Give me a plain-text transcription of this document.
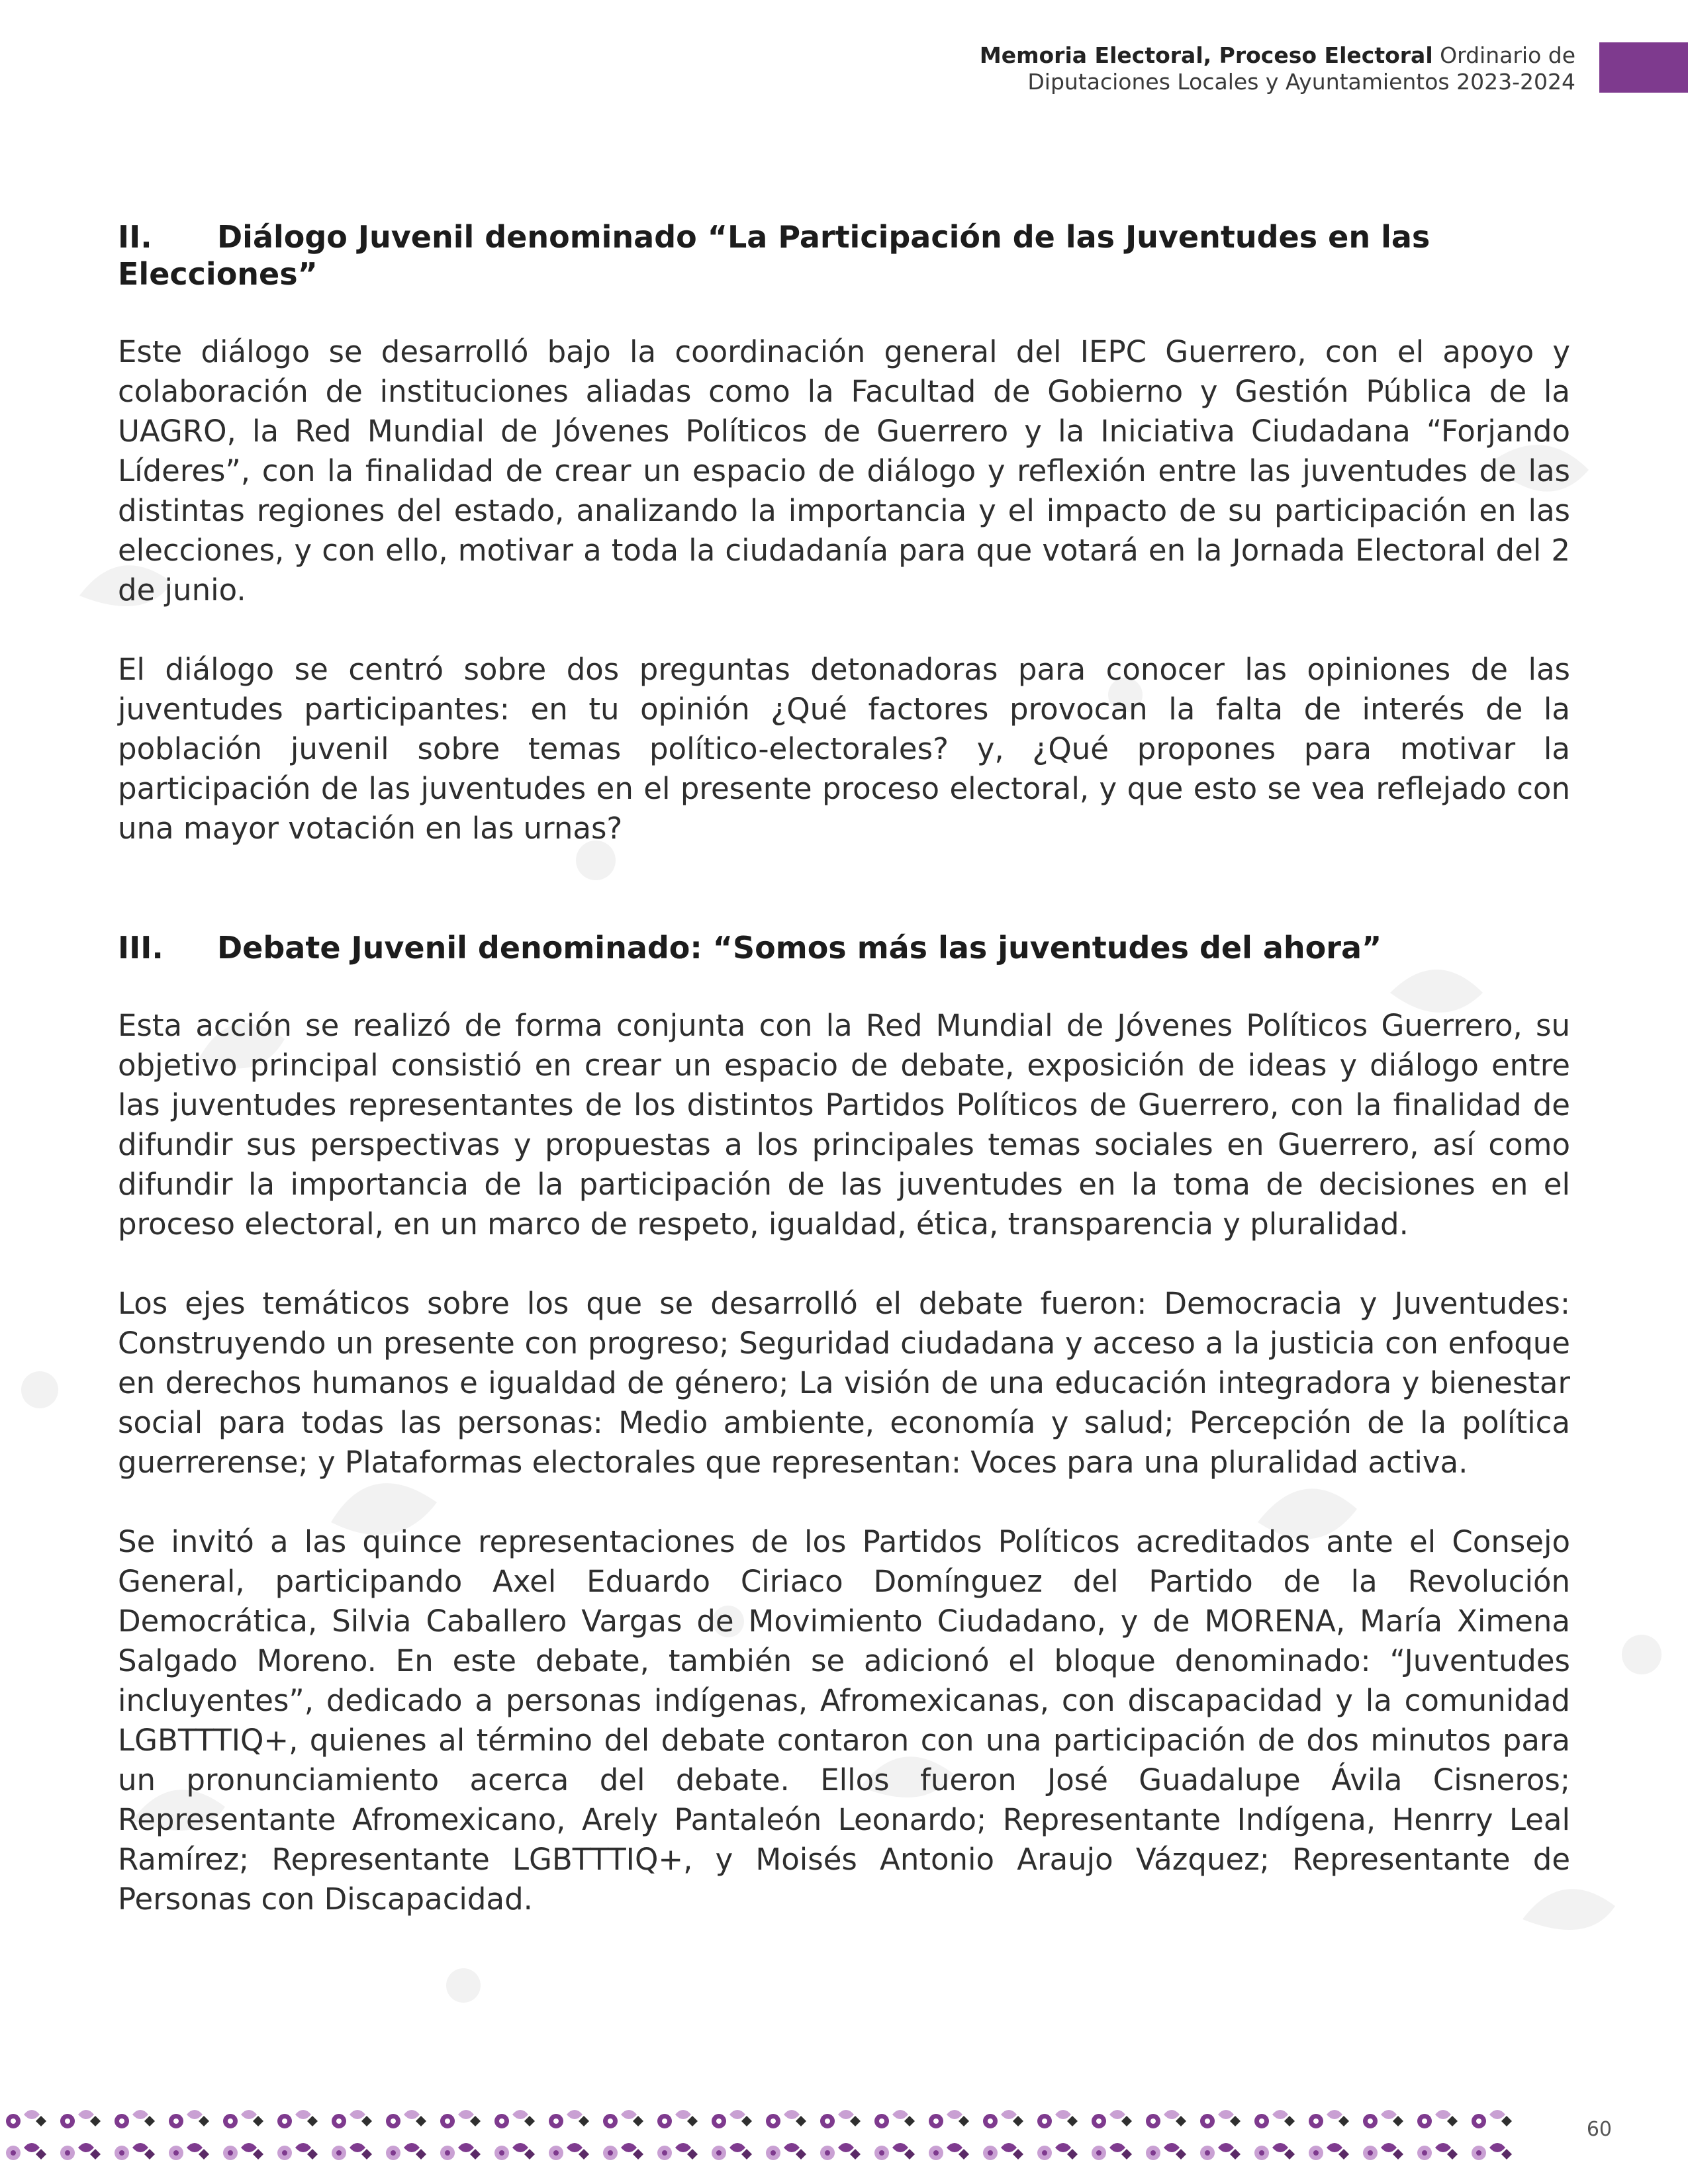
Memoria Electoral, Proceso Electoral Ordinario de
Diputaciones Locales y Ayuntamientos 2023-2024
II. Diálogo Juvenil denominado “La Participación de las Juventudes en las Elecciones”

Este diálogo se desarrolló bajo la coordinación general del IEPC Guerrero, con el apoyo y colaboración de instituciones aliadas como la Facultad de Gobierno y Gestión Pública de la UAGRO, la Red Mundial de Jóvenes Políticos de Guerrero y la Iniciativa Ciudadana “Forjando Líderes”, con la finalidad de crear un espacio de diálogo y reflexión entre las juventudes de las distintas regiones del estado, analizando la importancia y el impacto de su participación en las elecciones, y con ello, motivar a toda la ciudadanía para que votará en la Jornada Electoral del 2 de junio.

El diálogo se centró sobre dos preguntas detonadoras para conocer las opiniones de las juventudes participantes: en tu opinión ¿Qué factores provocan la falta de interés de la población juvenil sobre temas político-electorales? y, ¿Qué propones para motivar la participación de las juventudes en el presente proceso electoral, y que esto se vea reflejado con una mayor votación en las urnas?

III. Debate Juvenil denominado: “Somos más las juventudes del ahora”

Esta acción se realizó de forma conjunta con la Red Mundial de Jóvenes Políticos Guerrero, su objetivo principal consistió en crear un espacio de debate, exposición de ideas y diálogo entre las juventudes representantes de los distintos Partidos Políticos de Guerrero, con la finalidad de difundir sus perspectivas y propuestas a los principales temas sociales en Guerrero, así como difundir la importancia de la participación de las juventudes en la toma de decisiones en el proceso electoral, en un marco de respeto, igualdad, ética, transparencia y pluralidad.

Los ejes temáticos sobre los que se desarrolló el debate fueron: Democracia y Juventudes: Construyendo un presente con progreso; Seguridad ciudadana y acceso a la justicia con enfoque en derechos humanos e igualdad de género; La visión de una educación integradora y bienestar social para todas las personas: Medio ambiente, economía y salud; Percepción de la política guerrerense; y Plataformas electorales que representan: Voces para una pluralidad activa.

Se invitó a las quince representaciones de los Partidos Políticos acreditados ante el Consejo General, participando Axel Eduardo Ciriaco Domínguez del Partido de la Revolución Democrática, Silvia Caballero Vargas de Movimiento Ciudadano, y de MORENA, María Ximena Salgado Moreno. En este debate, también se adicionó el bloque denominado: “Juventudes incluyentes”, dedicado a personas indígenas, Afromexicanas, con discapacidad y la comunidad LGBTTTIQ+, quienes al término del debate contaron con una participación de dos minutos para un pronunciamiento acerca del debate. Ellos fueron José Guadalupe Ávila Cisneros; Representante Afromexicano, Arely Pantaleón Leonardo; Representante Indígena, Henrry Leal Ramírez; Representante LGBTTTIQ+, y Moisés Antonio Araujo Vázquez; Representante de Personas con Discapacidad.

60
